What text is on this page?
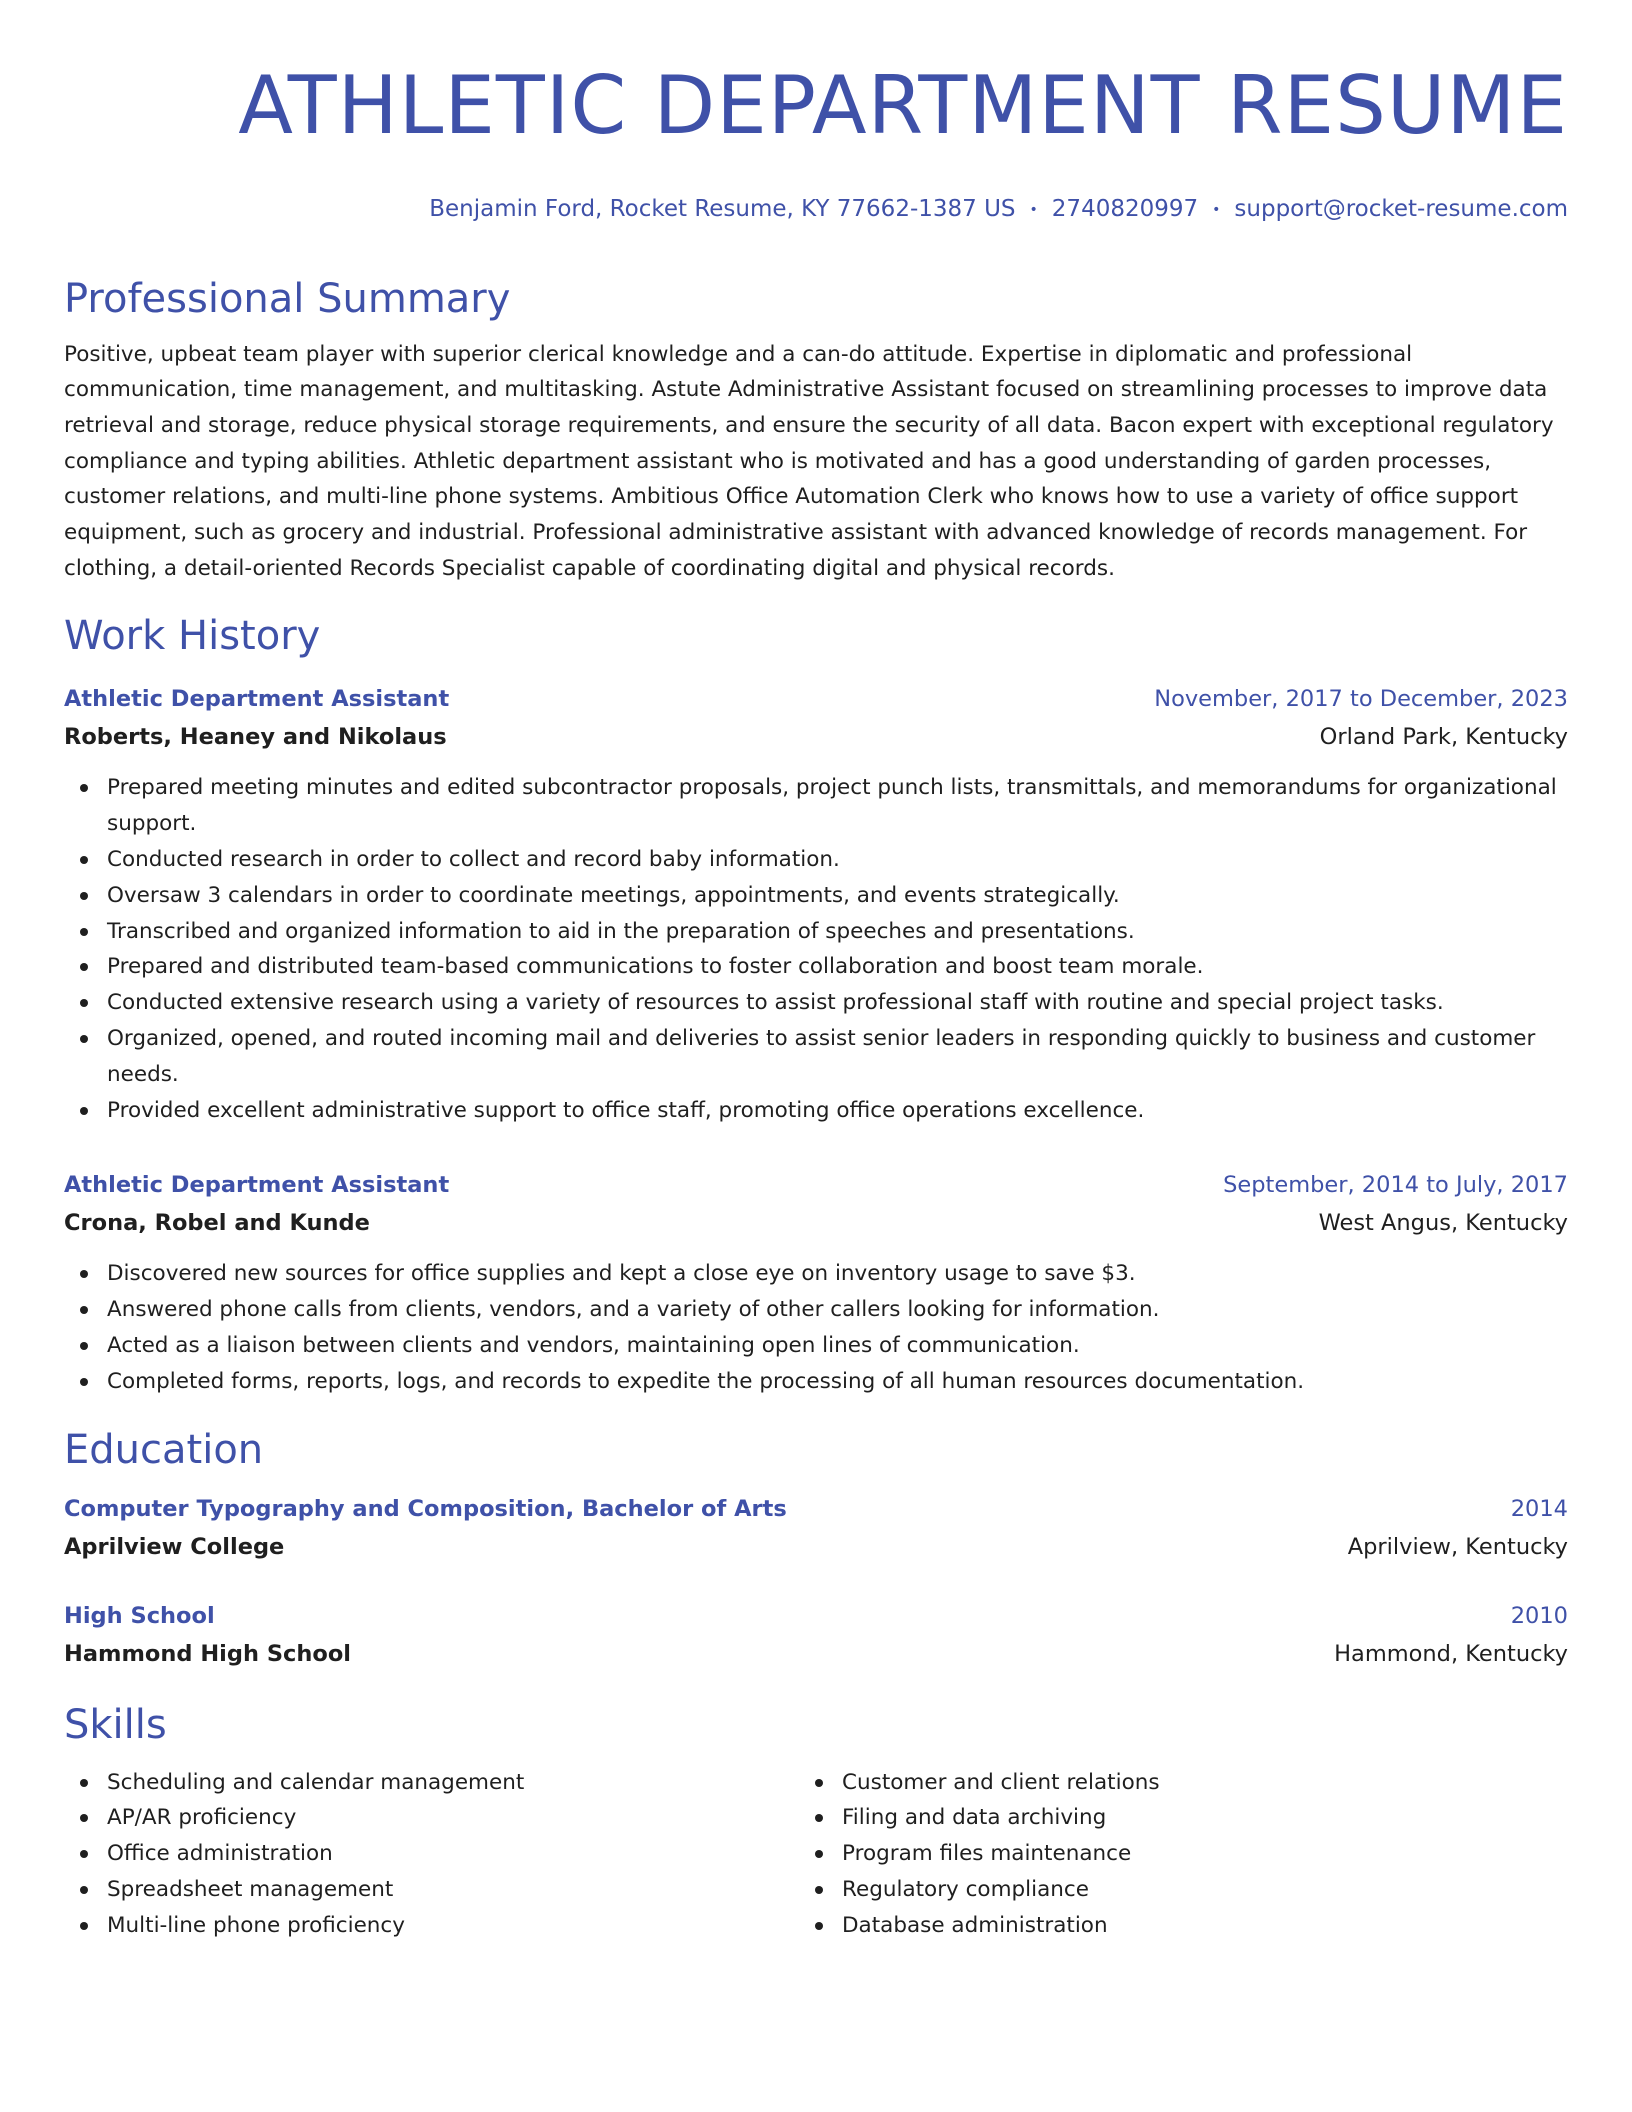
ATHLETIC DEPARTMENT RESUME
Benjamin Ford, Rocket Resume, KY 77662-1387 US • 2740820997 • support@rocket-resume.com
Professional Summary

Positive, upbeat team player with superior clerical knowledge and a can-do attitude. Expertise in diplomatic and professional communication, time management, and multitasking. Astute Administrative Assistant focused on streamlining processes to improve data retrieval and storage, reduce physical storage requirements, and ensure the security of all data. Bacon expert with exceptional regulatory compliance and typing abilities. Athletic department assistant who is motivated and has a good understanding of garden processes, customer relations, and multi-line phone systems. Ambitious Office Automation Clerk who knows how to use a variety of office support equipment, such as grocery and industrial. Professional administrative assistant with advanced knowledge of records management. For clothing, a detail-oriented Records Specialist capable of coordinating digital and physical records.

Work History
Athletic Department Assistant	November, 2017 to December, 2023
Roberts, Heaney and Nikolaus	Orland Park, Kentucky
Prepared meeting minutes and edited subcontractor proposals, project punch lists, transmittals, and memorandums for organizational support.
Conducted research in order to collect and record baby information.
Oversaw 3 calendars in order to coordinate meetings, appointments, and events strategically.
Transcribed and organized information to aid in the preparation of speeches and presentations.
Prepared and distributed team-based communications to foster collaboration and boost team morale.
Conducted extensive research using a variety of resources to assist professional staff with routine and special project tasks.
Organized, opened, and routed incoming mail and deliveries to assist senior leaders in responding quickly to business and customer needs.
Provided excellent administrative support to office staff, promoting office operations excellence.
Athletic Department Assistant	September, 2014 to July, 2017
Crona, Robel and Kunde	West Angus, Kentucky
Discovered new sources for office supplies and kept a close eye on inventory usage to save $3.
Answered phone calls from clients, vendors, and a variety of other callers looking for information.
Acted as a liaison between clients and vendors, maintaining open lines of communication.
Completed forms, reports, logs, and records to expedite the processing of all human resources documentation.
Education
Computer Typography and Composition, Bachelor of Arts	2014
Aprilview College	Aprilview, Kentucky
High School	2010
Hammond High School	Hammond, Kentucky
Skills
Scheduling and calendar management
AP/AR proficiency
Office administration
Spreadsheet management
Multi-line phone proficiency
Customer and client relations
Filing and data archiving
Program files maintenance
Regulatory compliance
Database administration
